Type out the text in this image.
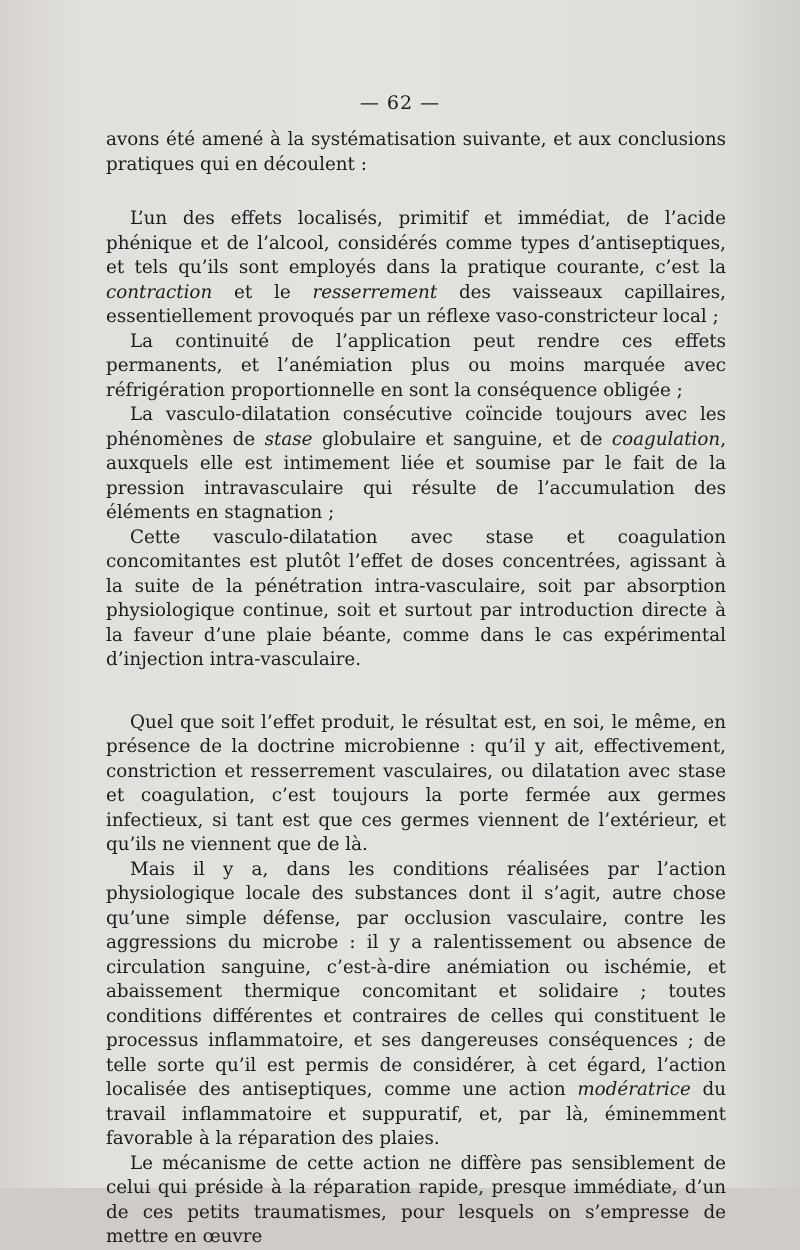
— 62 —

avons été amené à la systématisation suivante, et aux conclusions pratiques qui en découlent :

L’un des effets localisés, primitif et immédiat, de l’acide phénique et de l’alcool, considérés comme types d’antiseptiques, et tels qu’ils sont employés dans la pratique courante, c’est la contraction et le resserrement des vaisseaux capillaires, essentiellement provoqués par un réflexe vaso-constricteur local ;

La continuité de l’application peut rendre ces effets permanents, et l’anémiation plus ou moins marquée avec réfrigération proportionnelle en sont la conséquence obligée ;

La vasculo-dilatation consécutive coïncide toujours avec les phénomènes de stase globulaire et sanguine, et de coagulation, auxquels elle est intimement liée et soumise par le fait de la pression intravasculaire qui résulte de l’accumulation des éléments en stagnation ;

Cette vasculo-dilatation avec stase et coagulation concomitantes est plutôt l’effet de doses concentrées, agissant à la suite de la pénétration intra-vasculaire, soit par absorption physiologique continue, soit et surtout par introduction directe à la faveur d’une plaie béante, comme dans le cas expérimental d’injection intra-vasculaire.

Quel que soit l’effet produit, le résultat est, en soi, le même, en présence de la doctrine microbienne : qu’il y ait, effectivement, constriction et resserrement vasculaires, ou dilatation avec stase et coagulation, c’est toujours la porte fermée aux germes infectieux, si tant est que ces germes viennent de l’extérieur, et qu’ils ne viennent que de là.

Mais il y a, dans les conditions réalisées par l’action physiologique locale des substances dont il s’agit, autre chose qu’une simple défense, par occlusion vasculaire, contre les aggressions du microbe : il y a ralentissement ou absence de circulation sanguine, c’est-à-dire anémiation ou ischémie, et abaissement thermique concomitant et solidaire ; toutes conditions différentes et contraires de celles qui constituent le processus inflammatoire, et ses dangereuses conséquences ; de telle sorte qu’il est permis de considérer, à cet égard, l’action localisée des antiseptiques, comme une action modératrice du travail inflammatoire et suppuratif, et, par là, éminemment favorable à la réparation des plaies.

Le mécanisme de cette action ne diffère pas sensiblement de celui qui préside à la réparation rapide, presque immédiate, d’un de ces petits traumatismes, pour lesquels on s’empresse de mettre en œuvre
